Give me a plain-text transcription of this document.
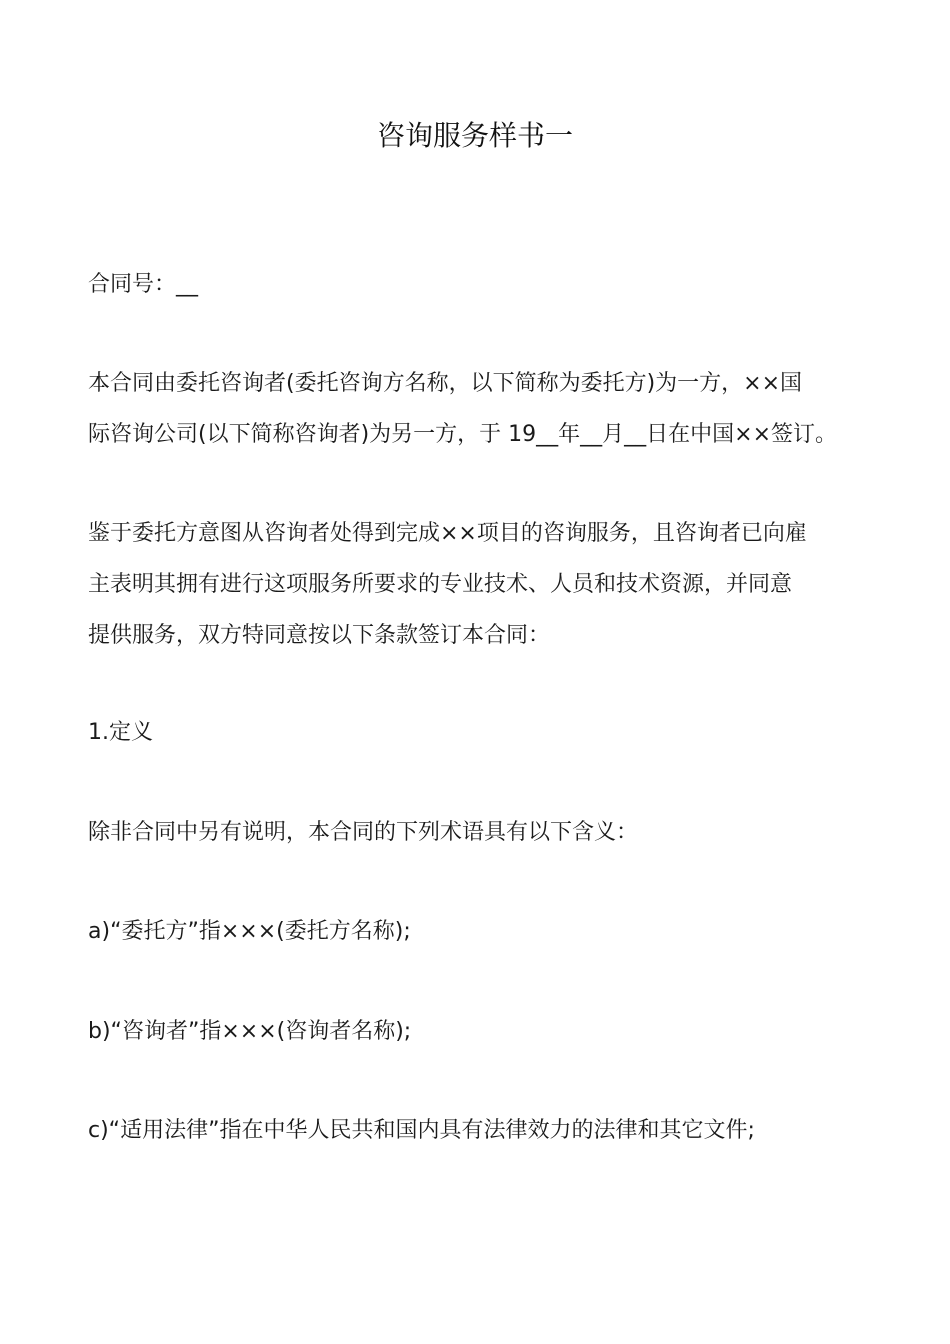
咨询服务样书一

合同号：__

本合同由委托咨询者(委托咨询方名称，以下简称为委托方)为一方，××国

际咨询公司(以下简称咨询者)为另一方，于 19__年__月__日在中国××签订。

鉴于委托方意图从咨询者处得到完成××项目的咨询服务，且咨询者已向雇

主表明其拥有进行这项服务所要求的专业技术、人员和技术资源，并同意

提供服务，双方特同意按以下条款签订本合同：

1.定义

除非合同中另有说明，本合同的下列术语具有以下含义：

a)“委托方”指×××(委托方名称);

b)“咨询者”指×××(咨询者名称);

c)“适用法律”指在中华人民共和国内具有法律效力的法律和其它文件;
